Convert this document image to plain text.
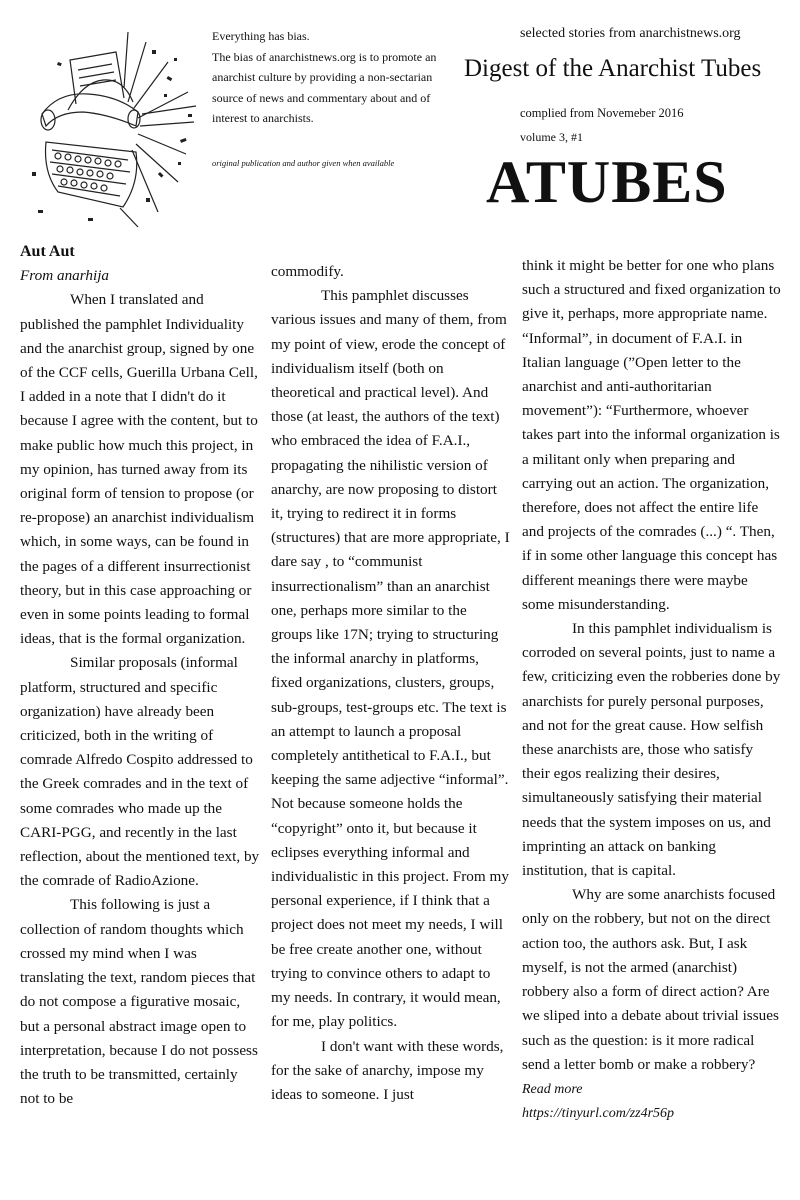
Everything has bias.

The bias of anarchistnews.org is to promote an anarchist culture by providing a non-sectarian source of news and commentary about and of interest to anarchists.

original publication and author given when available
selected stories from anarchistnews.org
Digest of the Anarchist Tubes
complied from Novemeber 2016
volume 3, #1
ATUBES

Aut Aut

From anarhija

When I translated and published the pamphlet Individuality and the anarchist group, signed by one of the CCF cells, Guerilla Urbana Cell, I added in a note that I didn't do it because I agree with the content, but to make public how much this project, in my opinion, has turned away from its original form of tension to propose (or re-propose) an anarchist individualism which, in some ways, can be found in the pages of a different insurrectionist theory, but in this case approaching or even in some points leading to formal ideas, that is the formal organization.

Similar proposals (informal platform, structured and specific organization) have already been criticized, both in the writing of comrade Alfredo Cospito addressed to the Greek comrades and in the text of some comrades who made up the CARI-PGG, and recently in the last reflection, about the mentioned text, by the comrade of RadioAzione.

This following is just a collection of random thoughts which crossed my mind when I was translating the text, random pieces that do not compose a figurative mosaic, but a personal abstract image open to interpretation, because I do not possess the truth to be transmitted, certainly not to be

commodify.

This pamphlet discusses various issues and many of them, from my point of view, erode the concept of individualism itself (both on theoretical and practical level). And those (at least, the authors of the text) who embraced the idea of F.A.I., propagating the nihilistic version of anarchy, are now proposing to distort it, trying to redirect it in forms (structures) that are more appropriate, I dare say , to “communist insurrectionalism” than an anarchist one, perhaps more similar to the groups like 17N; trying to structuring the informal anarchy in platforms, fixed organizations, clusters, groups, sub-groups, test-groups etc. The text is an attempt to launch a proposal completely antithetical to F.A.I., but keeping the same adjective “informal”. Not because someone holds the “copyright” onto it, but because it eclipses everything informal and individualistic in this project. From my personal experience, if I think that a project does not meet my needs, I will be free create another one, without trying to convince others to adapt to my needs. In contrary, it would mean, for me, play politics.

I don't want with these words, for the sake of anarchy, impose my ideas to someone. I just

think it might be better for one who plans such a structured and fixed organization to give it, perhaps, more appropriate name. “Informal”, in document of F.A.I. in Italian language (”Open letter to the anarchist and anti-authoritarian movement”): “Furthermore, whoever takes part into the informal organization is a militant only when preparing and carrying out an action. The organization, therefore, does not affect the entire life and projects of the comrades (...) “. Then, if in some other language this concept has different meanings there were maybe some misunderstanding.

In this pamphlet individualism is corroded on several points, just to name a few, criticizing even the robberies done by anarchists for purely personal purposes, and not for the great cause. How selfish these anarchists are, those who satisfy their egos realizing their desires, simultaneously satisfying their material needs that the system imposes on us, and imprinting an attack on banking institution, that is capital.

Why are some anarchists focused only on the robbery, but not on the direct action too, the authors ask. But, I ask myself, is not the armed (anarchist) robbery also a form of direct action? Are we sliped into a debate about trivial issues such as the question: is it more radical send a letter bomb or make a robbery? Read more

https://tinyurl.com/zz4r56p
